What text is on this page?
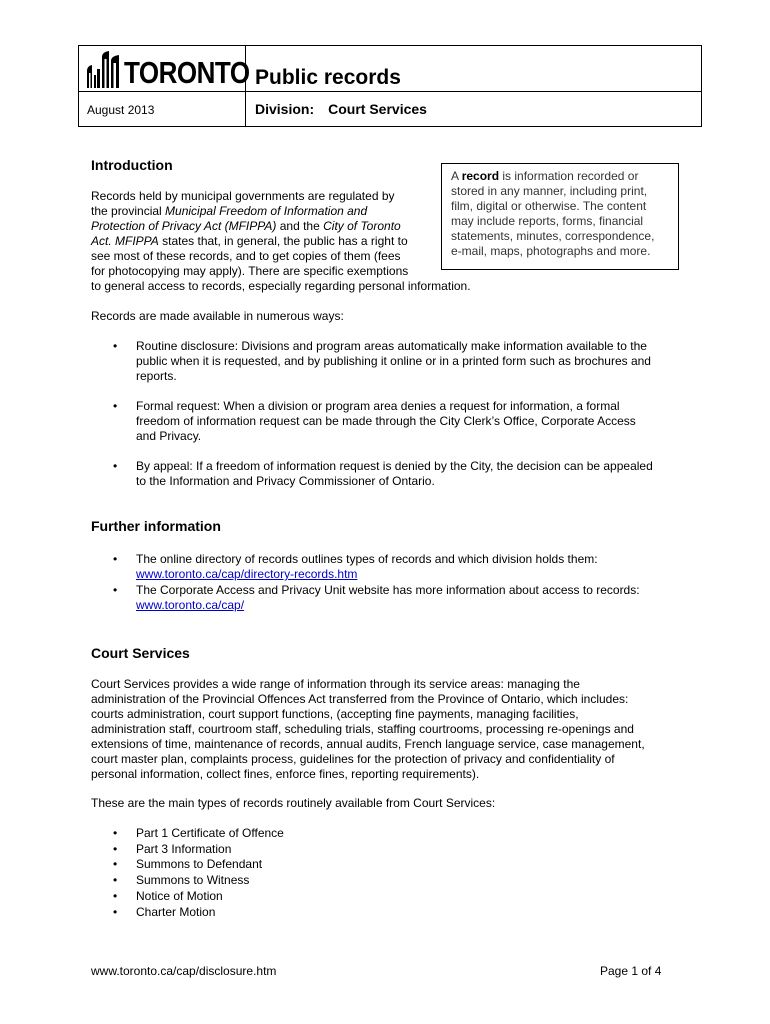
TORONTO Public records
August 2013	Division: Court Services
Introduction
Records held by municipal governments are regulated by
the provincial Municipal Freedom of Information and
Protection of Privacy Act (MFIPPA) and the City of Toronto
Act. MFIPPA states that, in general, the public has a right to
see most of these records, and to get copies of them (fees
for photocopying may apply). There are specific exemptions
to general access to records, especially regarding personal information.
A record is information recorded or
stored in any manner, including print,
film, digital or otherwise. The content
may include reports, forms, financial
statements, minutes, correspondence,
e-mail, maps, photographs and more.
Records are made available in numerous ways:
• Routine disclosure: Divisions and program areas automatically make information available to the
public when it is requested, and by publishing it online or in a printed form such as brochures and
reports.
• Formal request: When a division or program area denies a request for information, a formal
freedom of information request can be made through the City Clerk’s Office, Corporate Access
and Privacy.
• By appeal: If a freedom of information request is denied by the City, the decision can be appealed
to the Information and Privacy Commissioner of Ontario.
Further information
• The online directory of records outlines types of records and which division holds them:
www.toronto.ca/cap/directory-records.htm
• The Corporate Access and Privacy Unit website has more information about access to records:
www.toronto.ca/cap/
Court Services
Court Services provides a wide range of information through its service areas: managing the
administration of the Provincial Offences Act transferred from the Province of Ontario, which includes:
courts administration, court support functions, (accepting fine payments, managing facilities,
administration staff, courtroom staff, scheduling trials, staffing courtrooms, processing re-openings and
extensions of time, maintenance of records, annual audits, French language service, case management,
court master plan, complaints process, guidelines for the protection of privacy and confidentiality of
personal information, collect fines, enforce fines, reporting requirements).
These are the main types of records routinely available from Court Services:
• Part 1 Certificate of Offence
• Part 3 Information
• Summons to Defendant
• Summons to Witness
• Notice of Motion
• Charter Motion
www.toronto.ca/cap/disclosure.htm	Page 1 of 4
